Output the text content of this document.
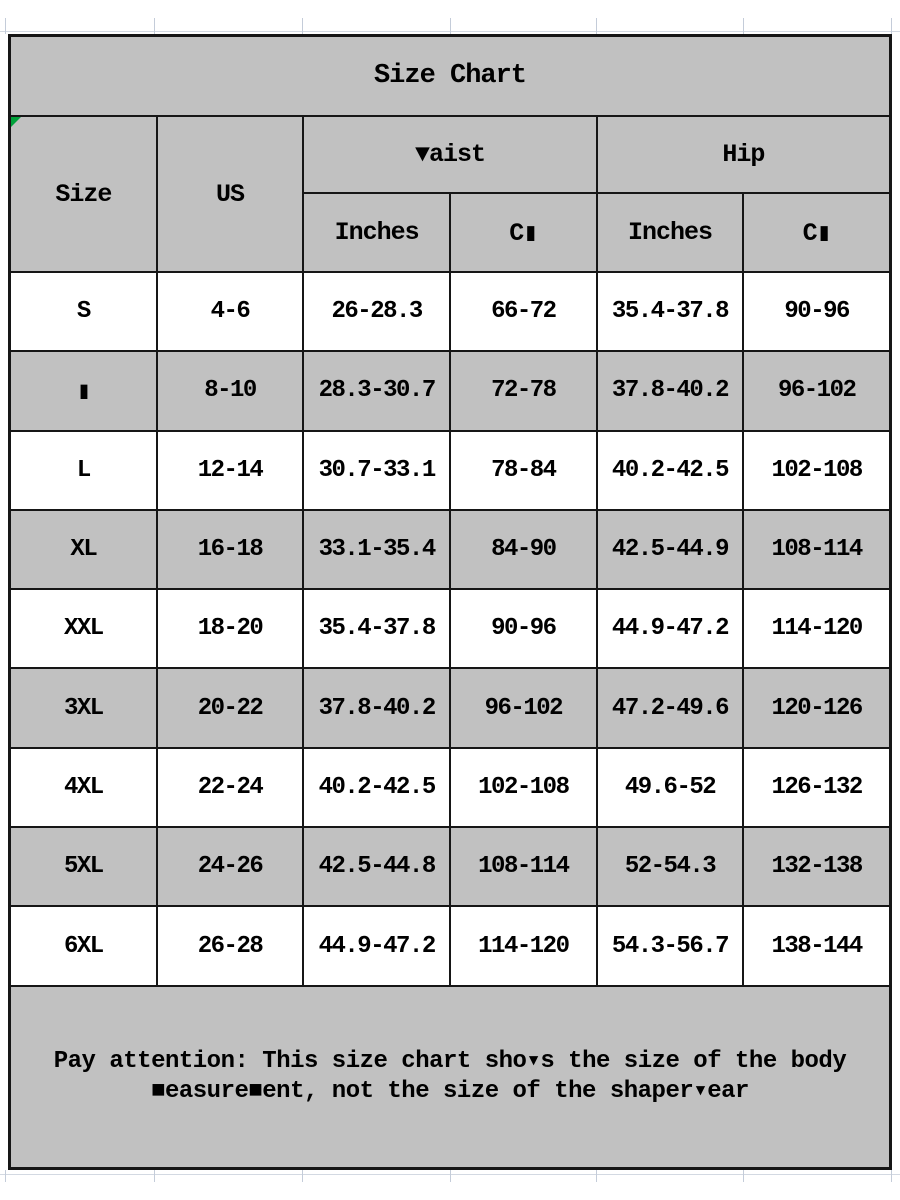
Size Chart
Size	US
▼aist	Hip
Inches	C▮	Inches	C▮
S	4-6	26-28.3	66-72	35.4-37.8	90-96
▮	8-10	28.3-30.7	72-78	37.8-40.2	96-102
L	12-14	30.7-33.1	78-84	40.2-42.5	102-108
XL	16-18	33.1-35.4	84-90	42.5-44.9	108-114
XXL	18-20	35.4-37.8	90-96	44.9-47.2	114-120
3XL	20-22	37.8-40.2	96-102	47.2-49.6	120-126
4XL	22-24	40.2-42.5	102-108	49.6-52	126-132
5XL	24-26	42.5-44.8	108-114	52-54.3	132-138
6XL	26-28	44.9-47.2	114-120	54.3-56.7	138-144
Pay attention: This size chart sho▾s the size of the body
■easure■ent, not the size of the shaper▾ear
